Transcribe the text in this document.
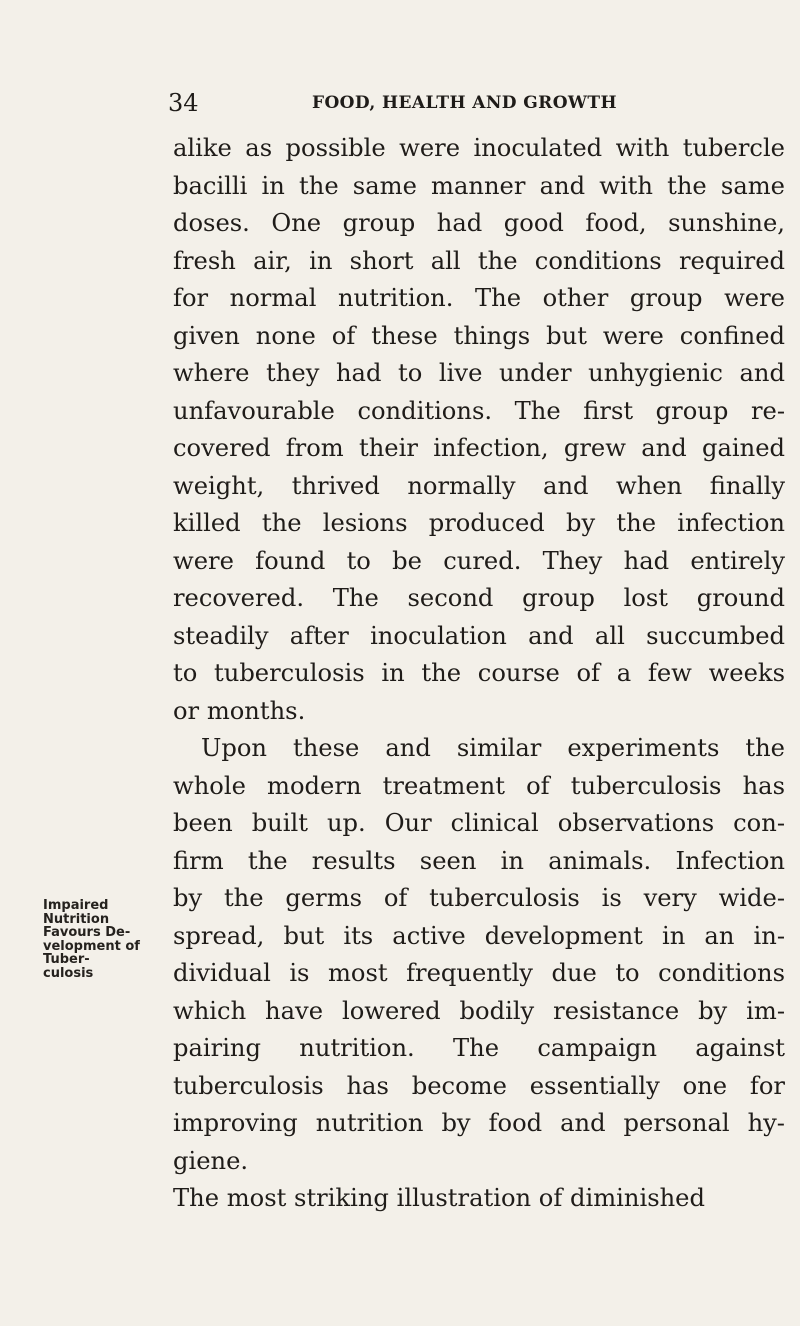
34	FOOD, HEALTH AND GROWTH
alike as possible were inoculated with tubercle
bacilli in the same manner and with the same
doses. One group had good food, sunshine,
fresh air, in short all the conditions required
for normal nutrition. The other group were
given none of these things but were confined
where they had to live under unhygienic and
unfavourable conditions. The first group re-
covered from their infection, grew and gained
weight, thrived normally and when finally
killed the lesions produced by the infection
were found to be cured. They had entirely
recovered. The second group lost ground
steadily after inoculation and all succumbed
to tuberculosis in the course of a few weeks
or months.
Upon these and similar experiments the
whole modern treatment of tuberculosis has
been built up. Our clinical observations con-
firm the results seen in animals. Infection
by the germs of tuberculosis is very wide-
spread, but its active development in an in-
dividual is most frequently due to conditions
which have lowered bodily resistance by im-
pairing nutrition. The campaign against
tuberculosis has become essentially one for
improving nutrition by food and personal hy-
giene.
The most striking illustration of diminished
Impaired
Nutrition
Favours De-
velopment of
Tuber-
culosis
